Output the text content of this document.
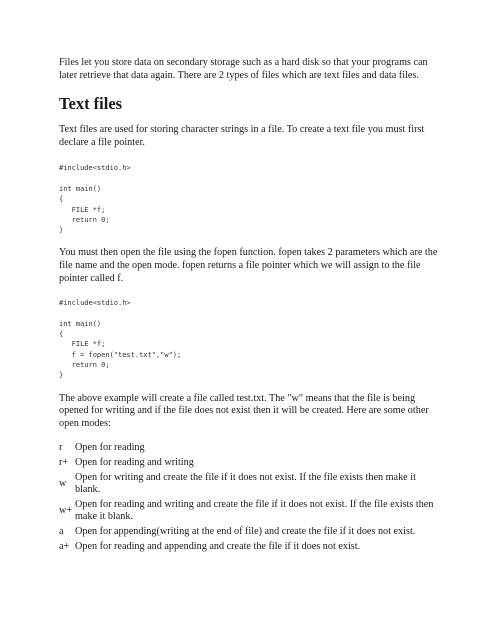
Files let you store data on secondary storage such as a hard disk so that your programs can later retrieve that data again. There are 2 types of files which are text files and data files.

Text files

Text files are used for storing character strings in a file. To create a text file you must first declare a file pointer.

#include<stdio.h>
int main()
{
FILE *f;
return 0;
}

You must then open the file using the fopen function. fopen takes 2 parameters which are the file name and the open mode. fopen returns a file pointer which we will assign to the file pointer called f.

#include<stdio.h>
int main()
{
FILE *f;
f = fopen("test.txt","w");
return 0;
}

The above example will create a file called test.txt. The "w" means that the file is being opened for writing and if the file does not exist then it will be created. Here are some other open modes:

r	Open for reading
r+	Open for reading and writing
w	Open for writing and create the file if it does not exist. If the file exists then make it blank.
w+	Open for reading and writing and create the file if it does not exist. If the file exists then make it blank.
a	Open for appending(writing at the end of file) and create the file if it does not exist.
a+	Open for reading and appending and create the file if it does not exist.
